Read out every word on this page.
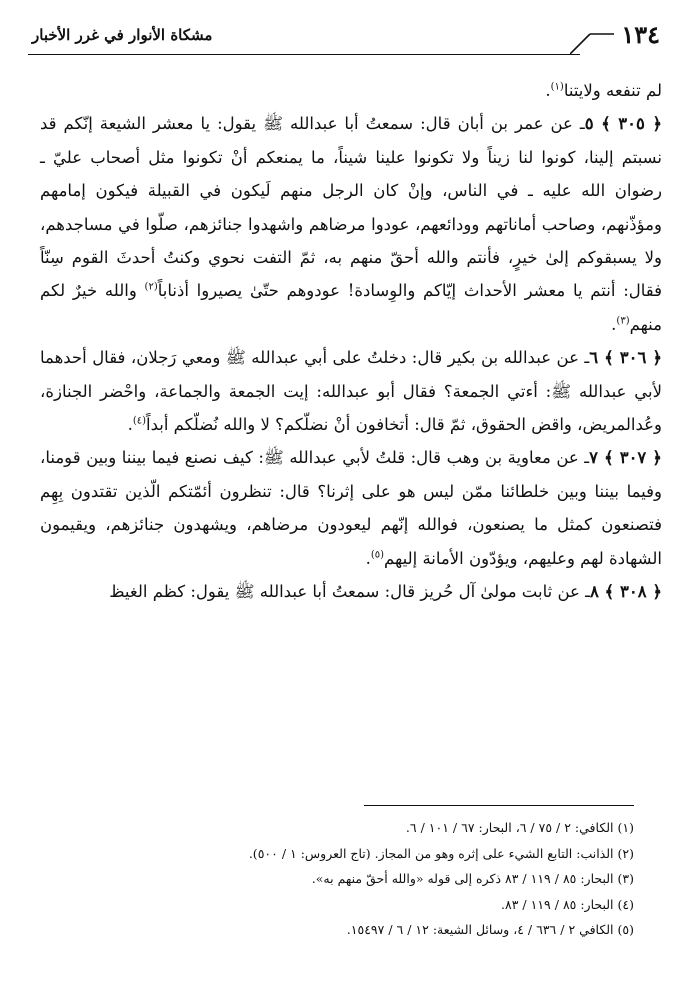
مشكاة الأنوار في غرر الأخبار	١٣٤

لم تنفعه ولايتنا$^{(١)}$.

﴿ ٣٠٥ ﴾ ٥ـ عن عمر بن أبان قال: سمعتُ أبا عبدالله ﷺ يقول: يا معشر الشيعة إنّكم قد نسبتم إلينا، كونوا لنا زيناً ولا تكونوا علينا شيناً، ما يمنعكم أنْ تكونوا مثل أصحاب عليّ ـ رضوان الله عليه ـ في الناس، وإنْ كان الرجل منهم لَيكون في القبيلة فيكون إمامهم ومؤذّنهم، وصاحب أماناتهم وودائعهم، عودوا مرضاهم واشهدوا جنائزهم، صلّوا في مساجدهم، ولا يسبقوكم إلىٰ خيرٍ، فأنتم والله أحقّ منهم به، ثمّ التفت نحوي وكنتُ أحدثَ القوم سِنّاً فقال: أنتم يا معشر الأحداث إيّاكم والوِسادة! عودوهم حتّىٰ يصيروا أذناباً$^{(٢)}$ والله خيرٌ لكم منهم$^{(٣)}$.

﴿ ٣٠٦ ﴾ ٦ـ عن عبدالله بن بكير قال: دخلتُ على أبي عبدالله ﷺ ومعي رَجلان، فقال أحدهما لأبي عبدالله ﷺ: أءتي الجمعة؟ فقال أبو عبدالله: إيت الجمعة والجماعة، واحْضر الجنازة، وعُدالمريض، واقض الحقوق، ثمّ قال: أتخافون أنْ نضلّكم؟ لا والله نُضلّكم أبداً$^{(٤)}$.

﴿ ٣٠٧ ﴾ ٧ـ عن معاوية بن وهب قال: قلتُ لأبي عبدالله ﷺ: كيف نصنع فيما بيننا وبين قومنا، وفيما بيننا وبين خلطائنا ممّن ليس هو على إثرنا؟ قال: تنظرون أئمّتكم الّذين تقتدون بِهِم فتصنعون كمثل ما يصنعون، فوالله إنّهم ليعودون مرضاهم، ويشهدون جنائزهم، ويقيمون الشهادة لهم وعليهم، ويؤدّون الأمانة إليهم$^{(٥)}$.

﴿ ٣٠٨ ﴾ ٨ـ عن ثابت مولىٰ آل حُريز قال: سمعتُ أبا عبدالله ﷺ يقول: كظم الغيظ

(١) الكافي: ٢ / ٧٥ / ٦، البحار: ٦٧ / ١٠١ / ٦.

(٢) الذانب: التابع الشيء على إثره وهو من المجاز. (تاج العروس: ١ / ٥٠٠).

(٣) البحار: ٨٥ / ١١٩ / ٨٣ ذكره إلى قوله «والله أحقّ منهم به».

(٤) البحار: ٨٥ / ١١٩ / ٨٣.

(٥) الكافي ٢ / ٦٣٦ / ٤، وسائل الشيعة: ١٢ / ٦ / ١٥٤٩٧.
